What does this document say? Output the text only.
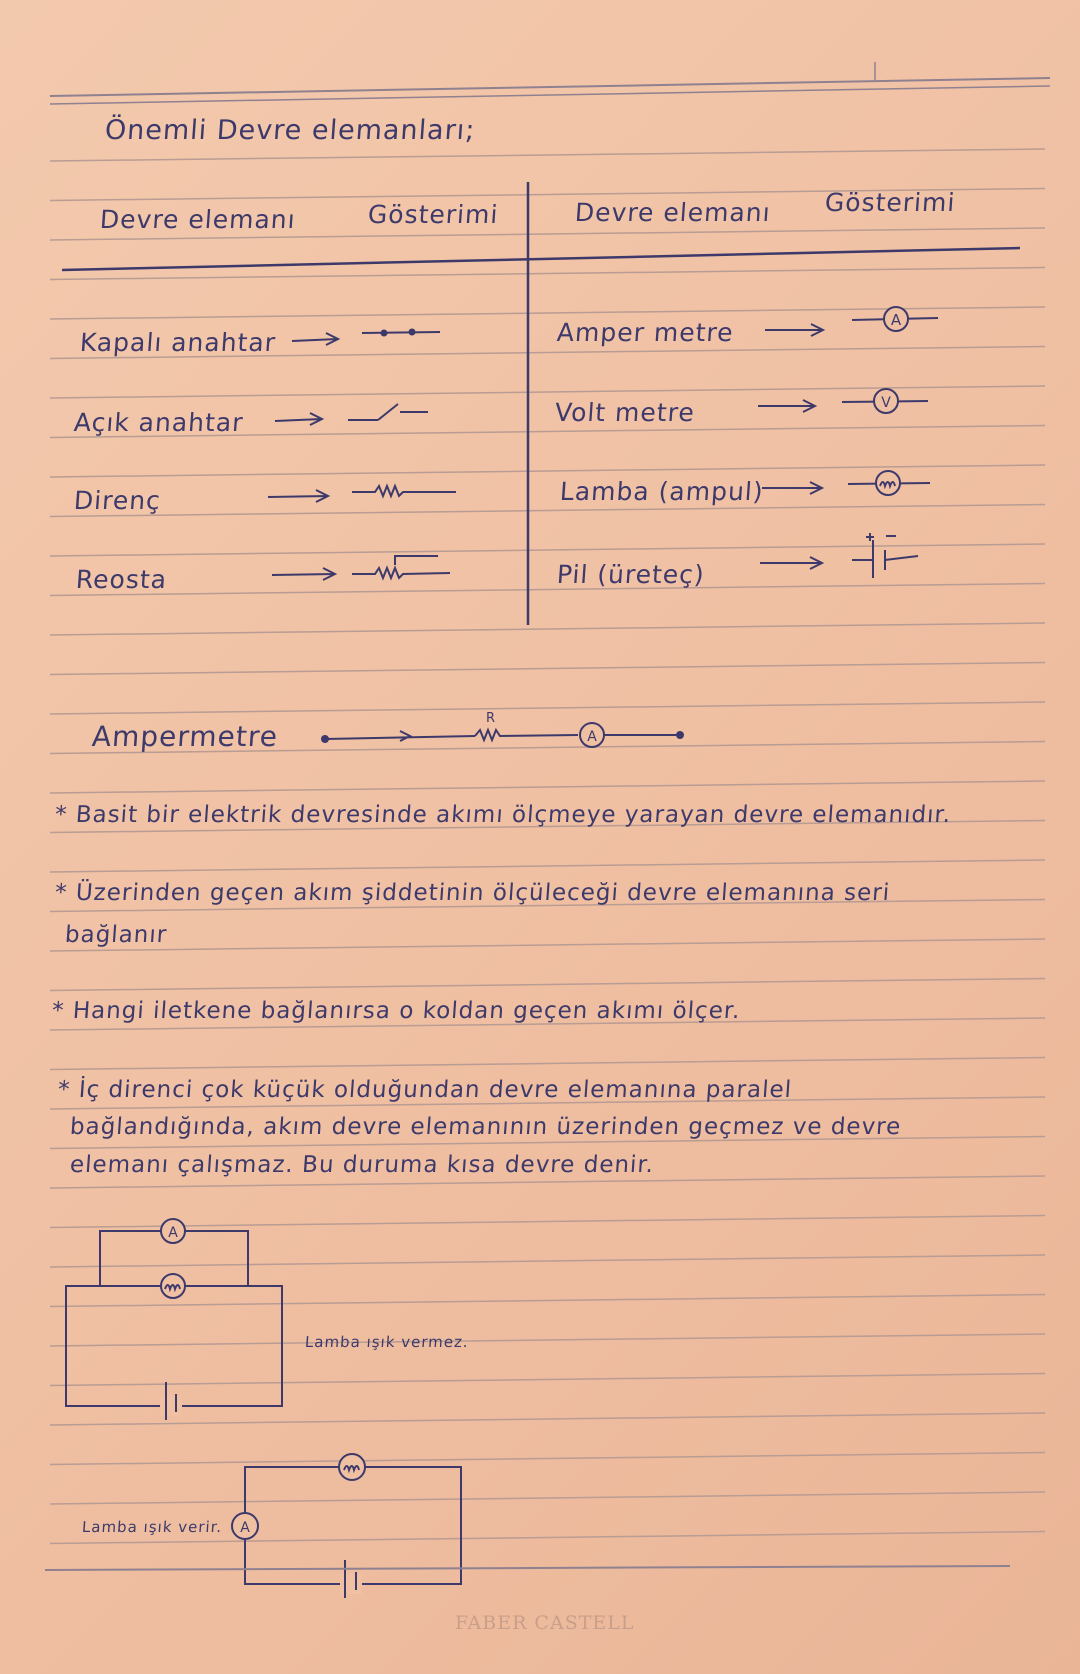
A
V
A
R
A
A
Önemli Devre elemanları;
Devre elemanı	Gösterimi	Devre elemanı Gösterimi
Kapalı anahtar
Açık anahtar
Direnç
Reosta
Amper metre
Volt metre
Lamba (ampul)
Pil (üreteç)
Ampermetre
* Basit bir elektrik devresinde akımı ölçmeye yarayan devre elemanıdır.
* Üzerinden geçen akım şiddetinin ölçüleceği devre elemanına seri
bağlanır
* Hangi iletkene bağlanırsa o koldan geçen akımı ölçer.
* İç direnci çok küçük olduğundan devre elemanına paralel
bağlandığında, akım devre elemanının üzerinden geçmez ve devre
elemanı çalışmaz. Bu duruma kısa devre denir.
Lamba ışık vermez.
Lamba ışık verir.
FABER CASTELL
